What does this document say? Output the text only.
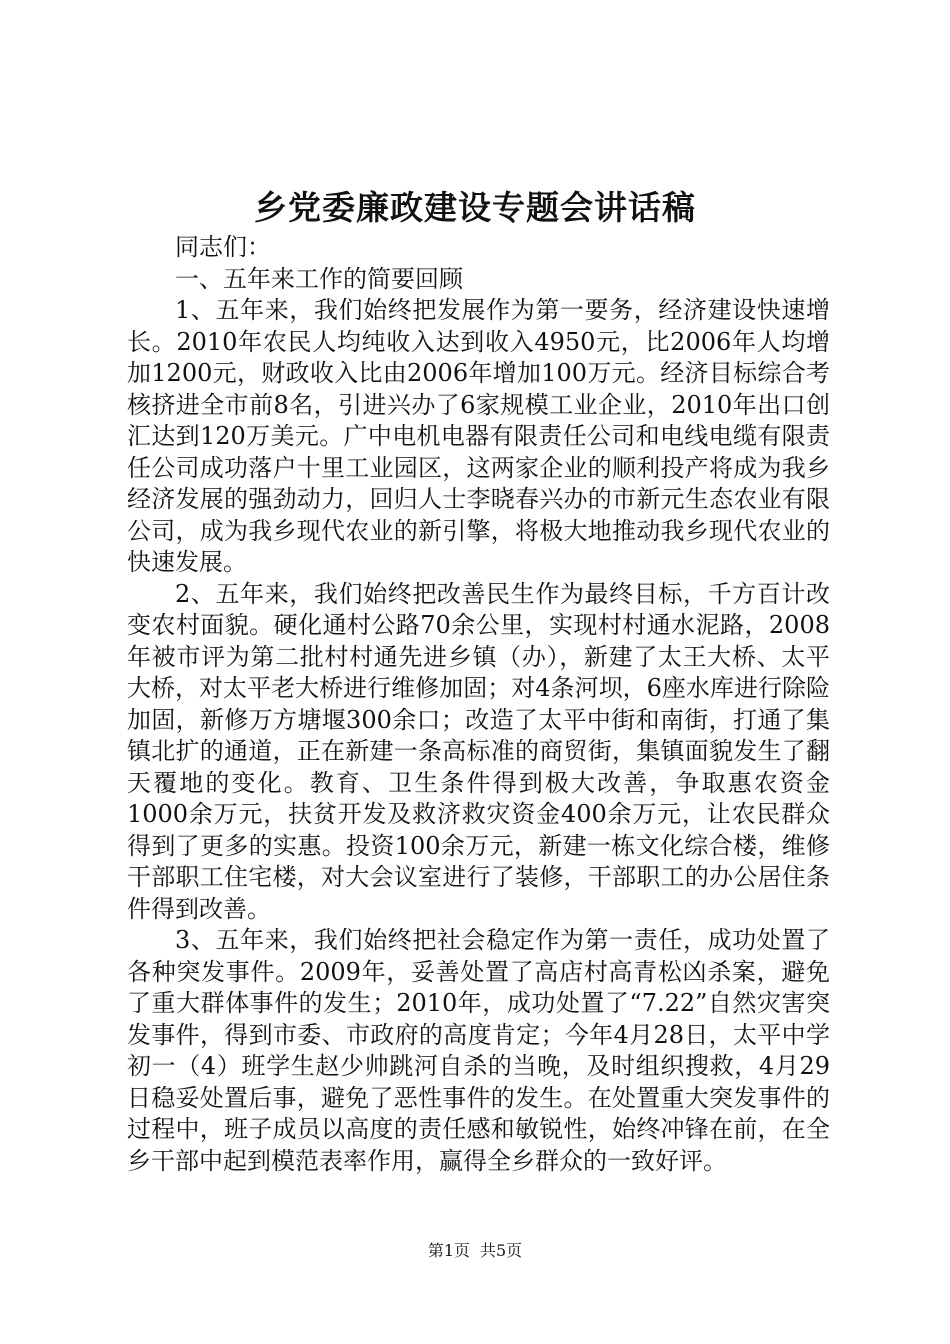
乡党委廉政建设专题会讲话稿

同志们：

一、五年来工作的简要回顾

1、五年来，我们始终把发展作为第一要务，经济建设快速增长。2010年农民人均纯收入达到收入4950元，比2006年人均增加1200元，财政收入比由2006年增加100万元。经济目标综合考核挤进全市前8名，引进兴办了6家规模工业企业，2010年出口创汇达到120万美元。广中电机电器有限责任公司和电线电缆有限责任公司成功落户十里工业园区，这两家企业的顺利投产将成为我乡经济发展的强劲动力，回归人士李晓春兴办的市新元生态农业有限公司，成为我乡现代农业的新引擎，将极大地推动我乡现代农业的快速发展。

2、五年来，我们始终把改善民生作为最终目标，千方百计改变农村面貌。硬化通村公路70余公里，实现村村通水泥路，2008年被市评为第二批村村通先进乡镇（办），新建了太王大桥、太平大桥，对太平老大桥进行维修加固；对4条河坝，6座水库进行除险加固，新修万方塘堰300余口；改造了太平中街和南街，打通了集镇北扩的通道，正在新建一条高标准的商贸街，集镇面貌发生了翻天覆地的变化。教育、卫生条件得到极大改善，争取惠农资金1000余万元，扶贫开发及救济救灾资金400余万元，让农民群众得到了更多的实惠。投资100余万元，新建一栋文化综合楼，维修干部职工住宅楼，对大会议室进行了装修，干部职工的办公居住条件得到改善。

3、五年来，我们始终把社会稳定作为第一责任，成功处置了各种突发事件。2009年，妥善处置了高店村高青松凶杀案，避免了重大群体事件的发生；2010年，成功处置了“7.22”自然灾害突发事件，得到市委、市政府的高度肯定；今年4月28日，太平中学初一（4）班学生赵少帅跳河自杀的当晚，及时组织搜救，4月29日稳妥处置后事，避免了恶性事件的发生。在处置重大突发事件的过程中，班子成员以高度的责任感和敏锐性，始终冲锋在前，在全乡干部中起到模范表率作用，赢得全乡群众的一致好评。

第1页 共5页
